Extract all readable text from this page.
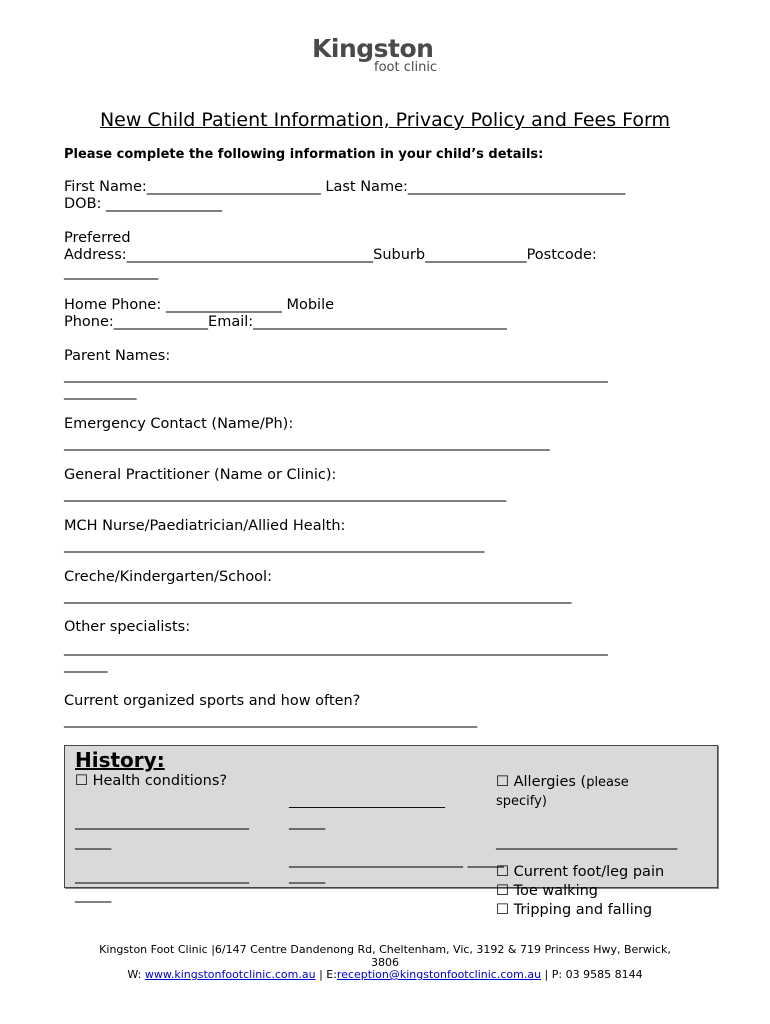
Kingston
foot clinic
New Child Patient Information, Privacy Policy and Fees Form
Please complete the following information in your child’s details:
First Name:________________________ Last Name:______________________________
DOB: ________________
Preferred
Address:__________________________________Suburb______________Postcode:
_____________
Home Phone: ________________ Mobile
Phone:_____________Email:___________________________________
Parent Names:
___________________________________________________________________________
__________
Emergency Contact (Name/Ph):
___________________________________________________________________
General Practitioner (Name or Clinic):
_____________________________________________________________
MCH Nurse/Paediatrician/Allied Health:
__________________________________________________________
Creche/Kindergarten/School:
______________________________________________________________________
Other specialists:
___________________________________________________________________________
______
Current organized sports and how often?
_________________________________________________________
History:
☐ Health conditions?	☐ Allergies (please
________________________	specify)
________________________	_____
_________________________
_____
________________________ _____
________________________	_____	☐ Current foot/leg pain
_____	☐ Toe walking
☐ Tripping and falling
Kingston Foot Clinic |6/147 Centre Dandenong Rd, Cheltenham, Vic, 3192 & 719 Princess Hwy, Berwick,
3806
W: www.kingstonfootclinic.com.au | E:reception@kingstonfootclinic.com.au | P: 03 9585 8144
